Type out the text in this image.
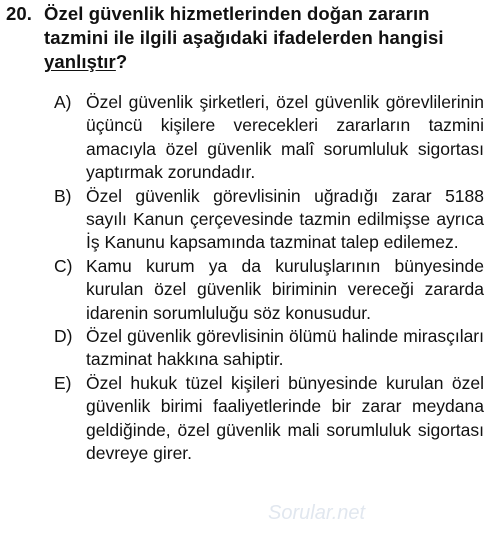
20. Özel güvenlik hizmetlerinden doğan zararın tazmini ile ilgili aşağıdaki ifadelerden hangisi yanlıştır?
A) Özel güvenlik şirketleri, özel güvenlik görevlilerinin üçüncü kişilere verecekleri zararların tazmini amacıyla özel güvenlik malî sorumluluk sigortası yaptırmak zorundadır.
B) Özel güvenlik görevlisinin uğradığı zarar 5188 sayılı Kanun çerçevesinde tazmin edilmişse ayrıca İş Kanunu kapsamında tazminat talep edilemez.
C) Kamu kurum ya da kuruluşlarının bünyesinde kurulan özel güvenlik biriminin vereceği zararda idarenin sorumluluğu söz konusudur.
D) Özel güvenlik görevlisinin ölümü halinde mirasçıları tazminat hakkına sahiptir.
E) Özel hukuk tüzel kişileri bünyesinde kurulan özel güvenlik birimi faaliyetlerinde bir zarar meydana geldiğinde, özel güvenlik mali sorumluluk sigortası devreye girer.
Sorular.net
